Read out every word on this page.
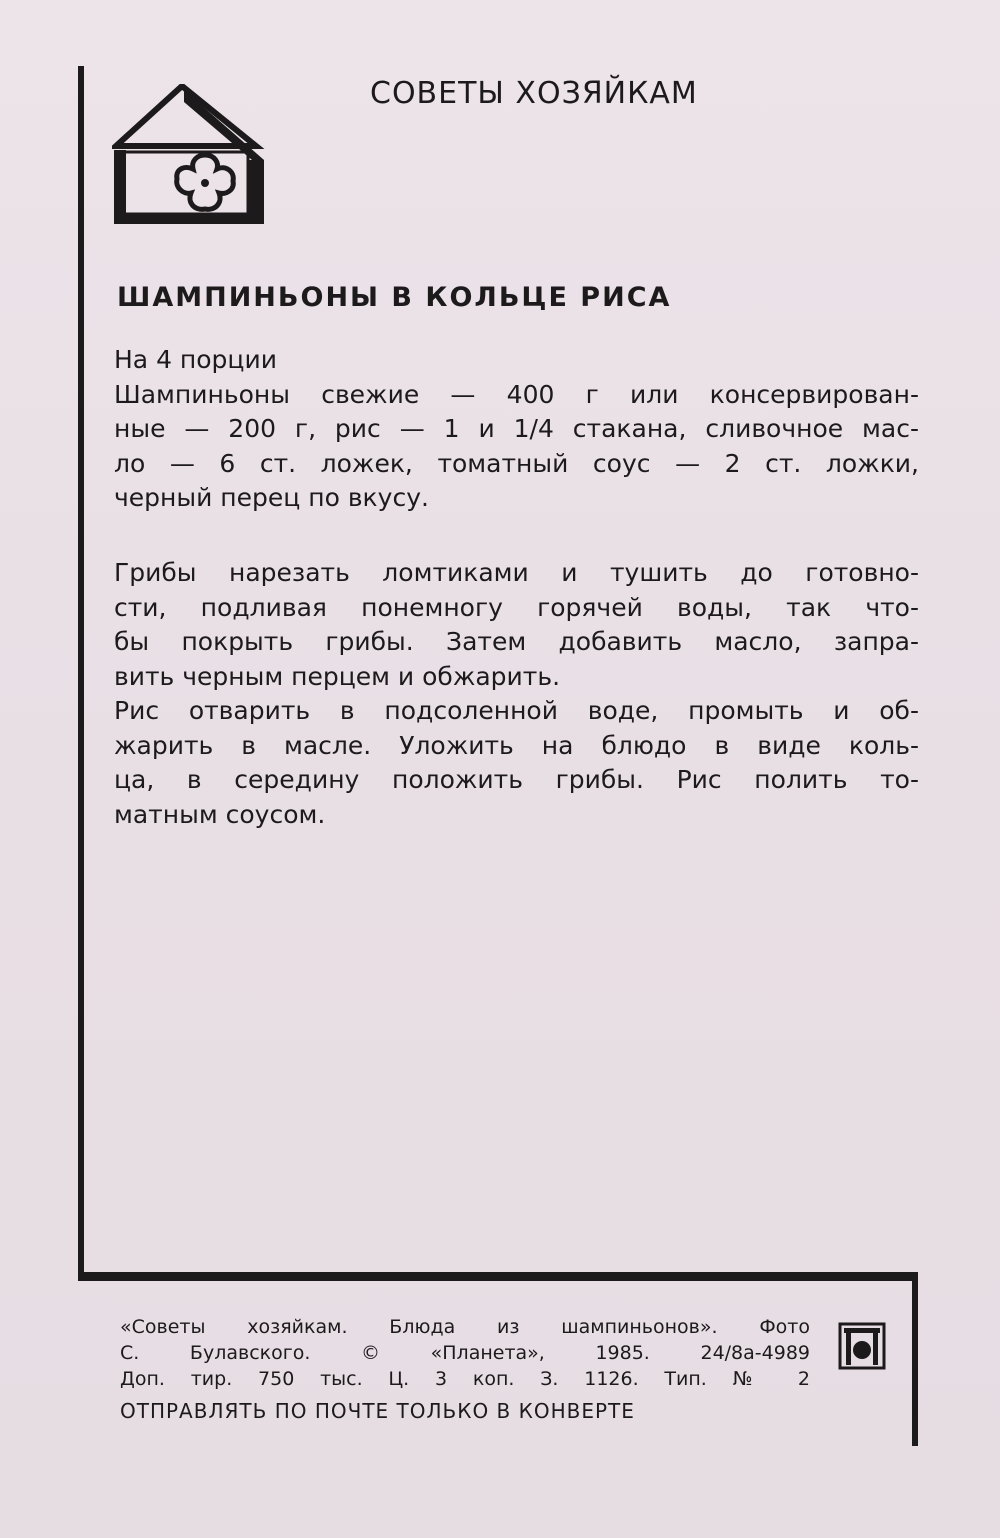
СОВЕТЫ ХОЗЯЙКАМ
ШАМПИНЬОНЫ В КОЛЬЦЕ РИСА
На 4 порции
Шампиньоны свежие — 400 г или консервирован-
ные — 200 г, рис — 1 и 1/4 стакана, сливочное мас-
ло — 6 ст. ложек, томатный соус — 2 ст. ложки,
черный перец по вкусу.
Грибы нарезать ломтиками и тушить до готовно-
сти, подливая понемногу горячей воды, так что-
бы покрыть грибы. Затем добавить масло, запра-
вить черным перцем и обжарить.
Рис отварить в подсоленной воде, промыть и об-
жарить в масле. Уложить на блюдо в виде коль-
ца, в середину положить грибы. Рис полить то-
матным соусом.
«Советы хозяйкам. Блюда из шампиньонов». Фото
С. Булавского. © «Планета», 1985. 24/8а-4989
Доп. тир. 750 тыс. Ц. 3 коп. З. 1126. Тип. № 2
ОТПРАВЛЯТЬ ПО ПОЧТЕ ТОЛЬКО В КОНВЕРТЕ
